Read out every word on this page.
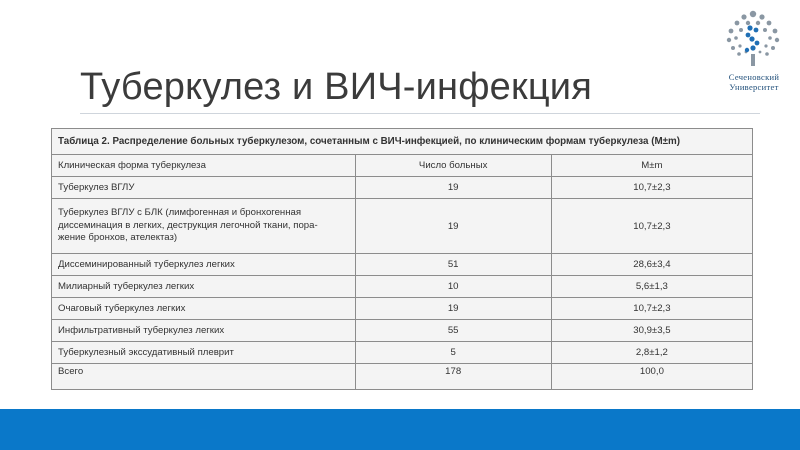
Туберкулез и ВИЧ-инфекция	Сеченовский
Университет
Таблица 2. Распределение больных туберкулезом, сочетанным с ВИЧ-инфекцией, по клиническим формам туберкулеза (M±m)		
Клиническая форма туберкулеза	Число больных	M±m
Туберкулез ВГЛУ	19	10,7±2,3

Туберкулез ВГЛУ с БЛК (лимфогенная и бронхогенная
диссеминация в легких, деструкция легочной ткани, пора-
жение бронхов, ателектаз)	19	10,7±2,3
Диссеминированный туберкулез легких	51	28,6±3,4
Милиарный туберкулез легких	10	5,6±1,3
Очаговый туберкулез легких	19	10,7±2,3
Инфильтративный туберкулез легких	55	30,9±3,5
Туберкулезный экссудативный плеврит	5	2,8±1,2
Всего	178	100,0
